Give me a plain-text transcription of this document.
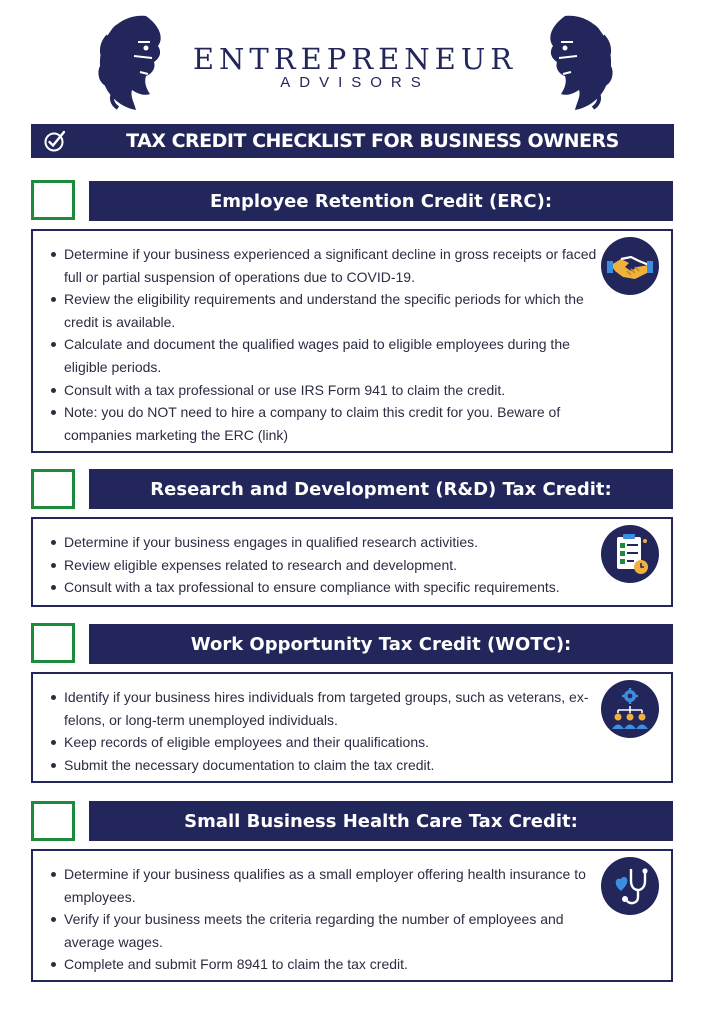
ENTREPRENEUR
ADVISORS
TAX CREDIT CHECKLIST FOR BUSINESS OWNERS
Employee Retention Credit (ERC):
Determine if your business experienced a significant decline in gross receipts or faced full or partial suspension of operations due to COVID-19.
Review the eligibility requirements and understand the specific periods for which the credit is available.
Calculate and document the qualified wages paid to eligible employees during the eligible periods.
Consult with a tax professional or use IRS Form 941 to claim the credit.
Note: you do NOT need to hire a company to claim this credit for you. Beware of companies marketing the ERC (link)
Research and Development (R&D) Tax Credit:
Determine if your business engages in qualified research activities.
Review eligible expenses related to research and development.
Consult with a tax professional to ensure compliance with specific requirements.
Work Opportunity Tax Credit (WOTC):
Identify if your business hires individuals from targeted groups, such as veterans, ex-felons, or long-term unemployed individuals.
Keep records of eligible employees and their qualifications.
Submit the necessary documentation to claim the tax credit.
Small Business Health Care Tax Credit:
Determine if your business qualifies as a small employer offering health insurance to employees.
Verify if your business meets the criteria regarding the number of employees and average wages.
Complete and submit Form 8941 to claim the tax credit.
